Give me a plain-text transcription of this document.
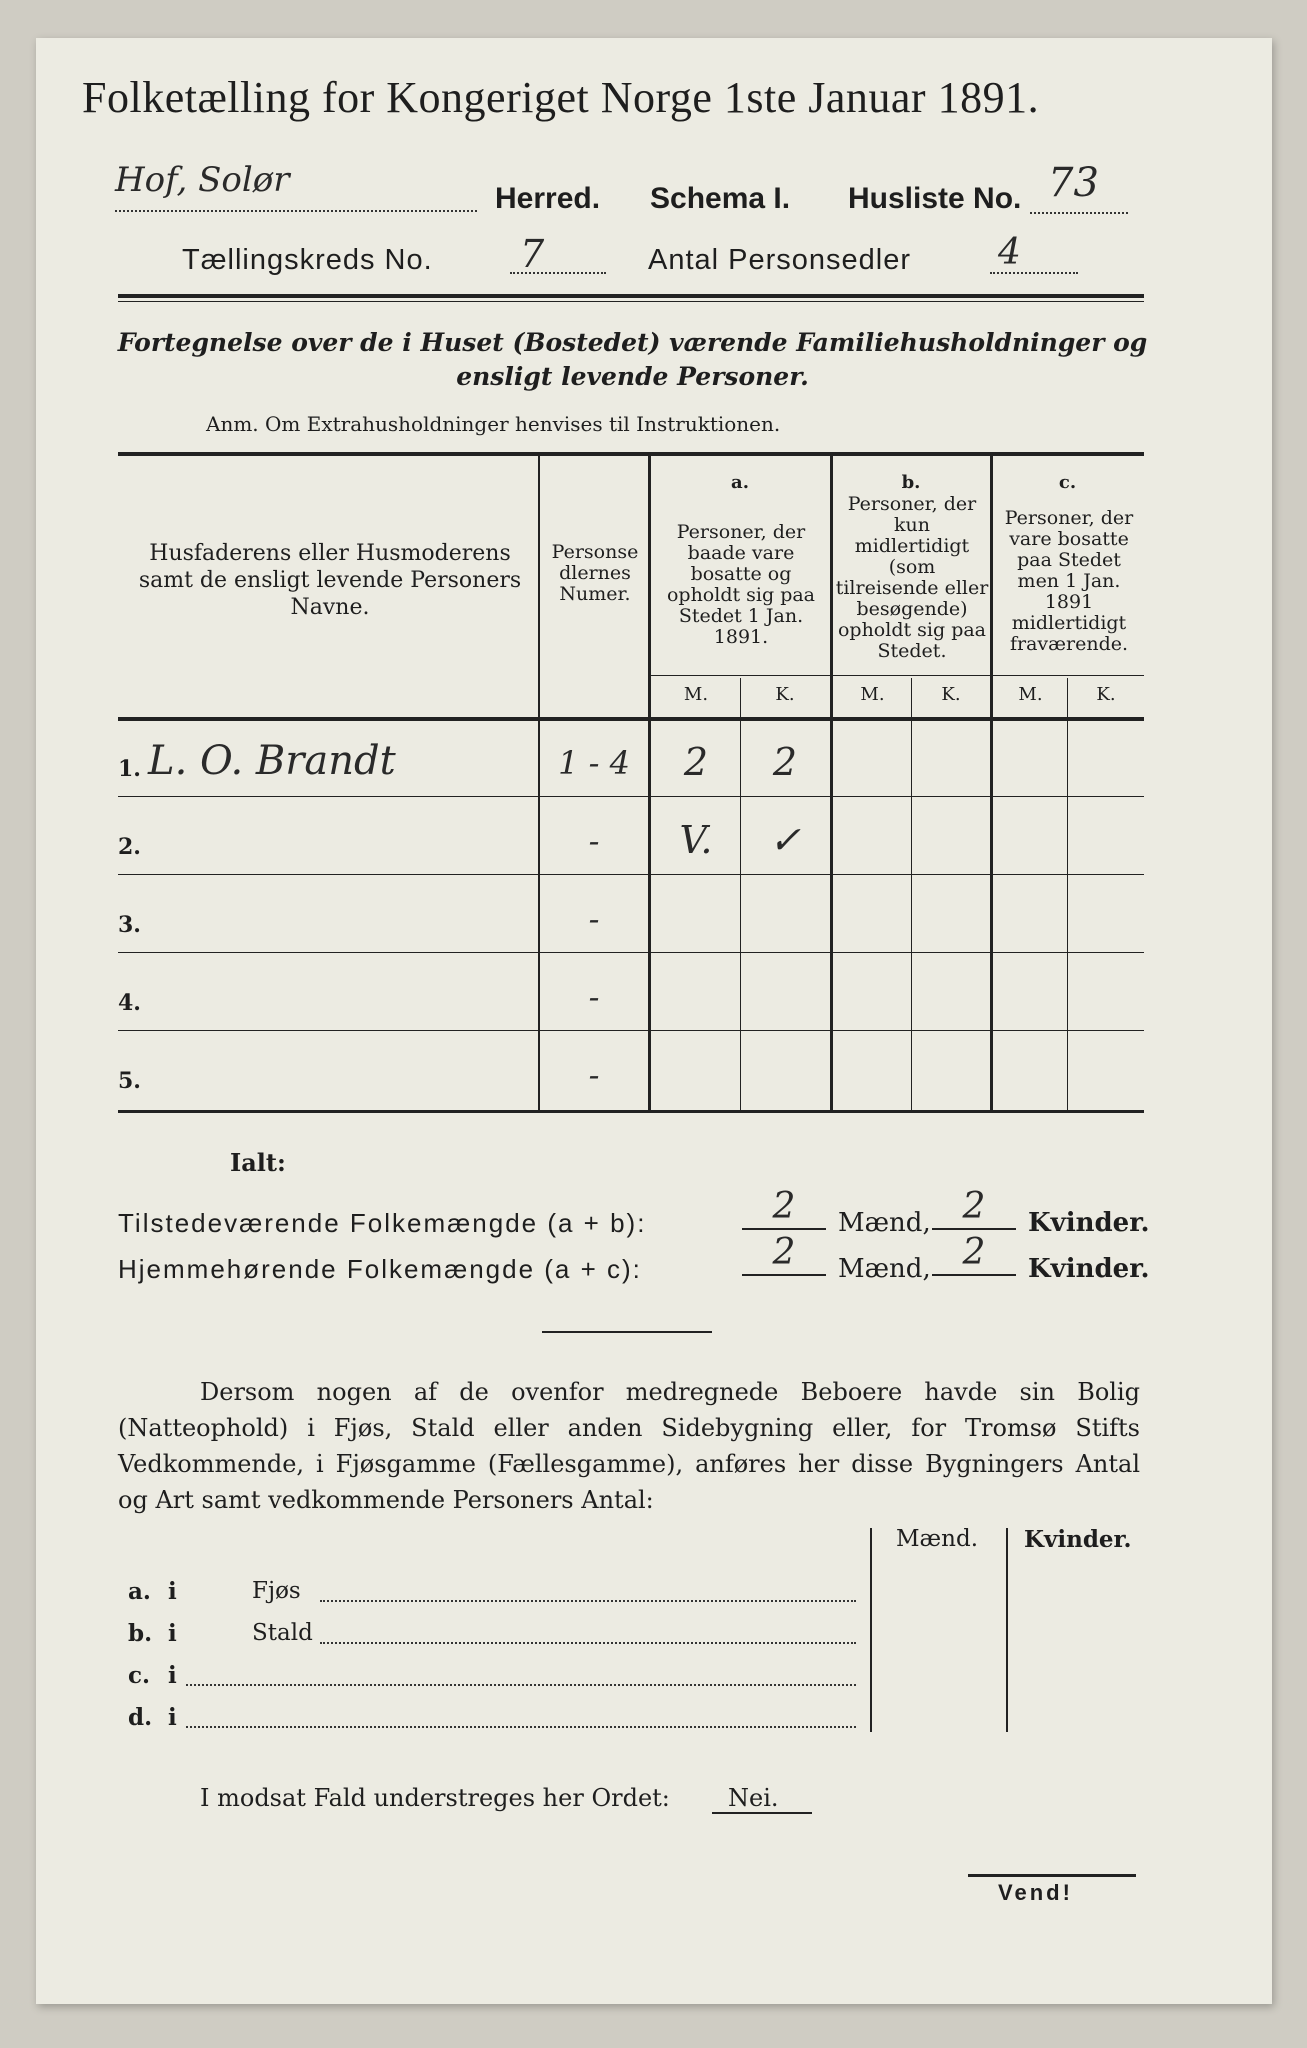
Folketælling for Kongeriget Norge 1ste Januar 1891.
Hof, Solør	Herred. Schema I. Husliste No. 73
Tællingskreds No. 7	Antal Personsedler 4
Fortegnelse over de i Huset (Bostedet) værende Familiehusholdninger og ensligt levende Personer.
Anm. Om Extrahusholdninger henvises til Instruktionen.
Husfaderens eller Husmoderens samt de ensligt levende Personers Navne.
Personsedlernes Numer.
a.
Personer, der baade vare bosatte og opholdt sig paa Stedet 1 Jan. 1891.
b.
Personer, der kun midlertidigt (som tilreisende eller besøgende) opholdt sig paa Stedet.
c.
Personer, der vare bosatte paa Stedet men 1 Jan. 1891 midlertidigt fraværende.
M.	K.	M.	K.	M.	K.
1. L. O. Brandt	1 - 4	2	2
2.	-	V.	✓
3.	-
4.	-
5.	-
Ialt:
Tilstedeværende Folkemængde (a + b):	2	Mænd, 2	Kvinder.
Hjemmehørende Folkemængde (a + c):	2	Mænd, 2	Kvinder.
Dersom nogen af de ovenfor medregnede Beboere havde sin Bolig (Natteophold) i Fjøs, Stald eller anden Sidebygning eller, for Tromsø Stifts Vedkommende, i Fjøsgamme (Fællesgamme), anføres her disse Bygningers Antal og Art samt vedkommende Personers Antal:
Mænd. Kvinder.
a. i	Fjøs
b. i	Stald
c. i
d. i
I modsat Fald understreges her Ordet: Nei.
Vend!
